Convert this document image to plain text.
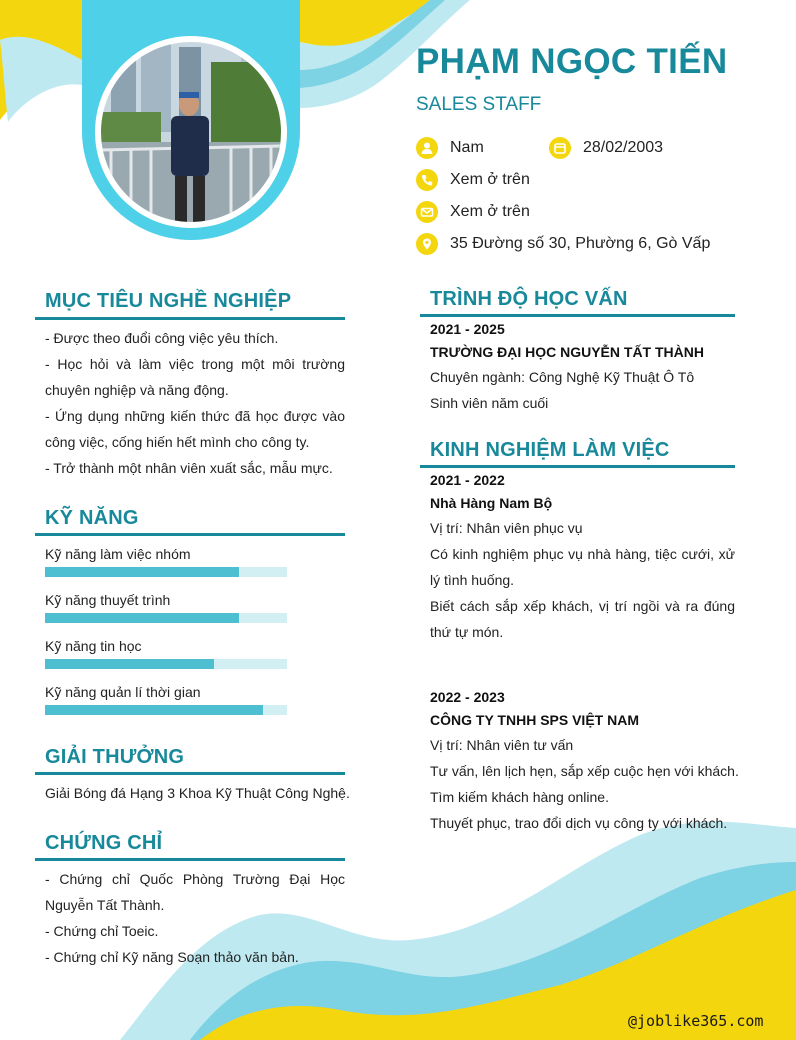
PHẠM NGỌC TIẾN
SALES STAFF
Nam	28/02/2003
Xem ở trên
Xem ở trên
35 Đường số 30, Phường 6, Gò Vấp
MỤC TIÊU NGHỀ NGHIỆP

- Được theo đuổi công việc yêu thích.

- Học hỏi và làm việc trong một môi trường chuyên nghiệp và năng động.

- Ứng dụng những kiến thức đã học được vào công việc, cống hiến hết mình cho công ty.

- Trở thành một nhân viên xuất sắc, mẫu mực.

KỸ NĂNG
Kỹ năng làm việc nhóm
Kỹ năng thuyết trình
Kỹ năng tin học
Kỹ năng quản lí thời gian
GIẢI THƯỞNG
Giải Bóng đá Hạng 3 Khoa Kỹ Thuật Công Nghệ.
CHỨNG CHỈ

- Chứng chỉ Quốc Phòng Trường Đại Học Nguyễn Tất Thành.

- Chứng chỉ Toeic.

- Chứng chỉ Kỹ năng Soạn thảo văn bản.

TRÌNH ĐỘ HỌC VẤN
2021 - 2025
TRƯỜNG ĐẠI HỌC NGUYỄN TẤT THÀNH
Chuyên ngành: Công Nghệ Kỹ Thuật Ô Tô
Sinh viên năm cuối
KINH NGHIỆM LÀM VIỆC
2021 - 2022
Nhà Hàng Nam Bộ
Vị trí: Nhân viên phục vụ

Có kinh nghiệm phục vụ nhà hàng, tiệc cưới, xử lý tình huống.

Biết cách sắp xếp khách, vị trí ngồi và ra đúng thứ tự món.

2022 - 2023
CÔNG TY TNHH SPS VIỆT NAM
Vị trí: Nhân viên tư vấn
Tư vấn, lên lịch hẹn, sắp xếp cuộc hẹn với khách.
Tìm kiếm khách hàng online.
Thuyết phục, trao đổi dịch vụ công ty với khách.
@joblike365.com
